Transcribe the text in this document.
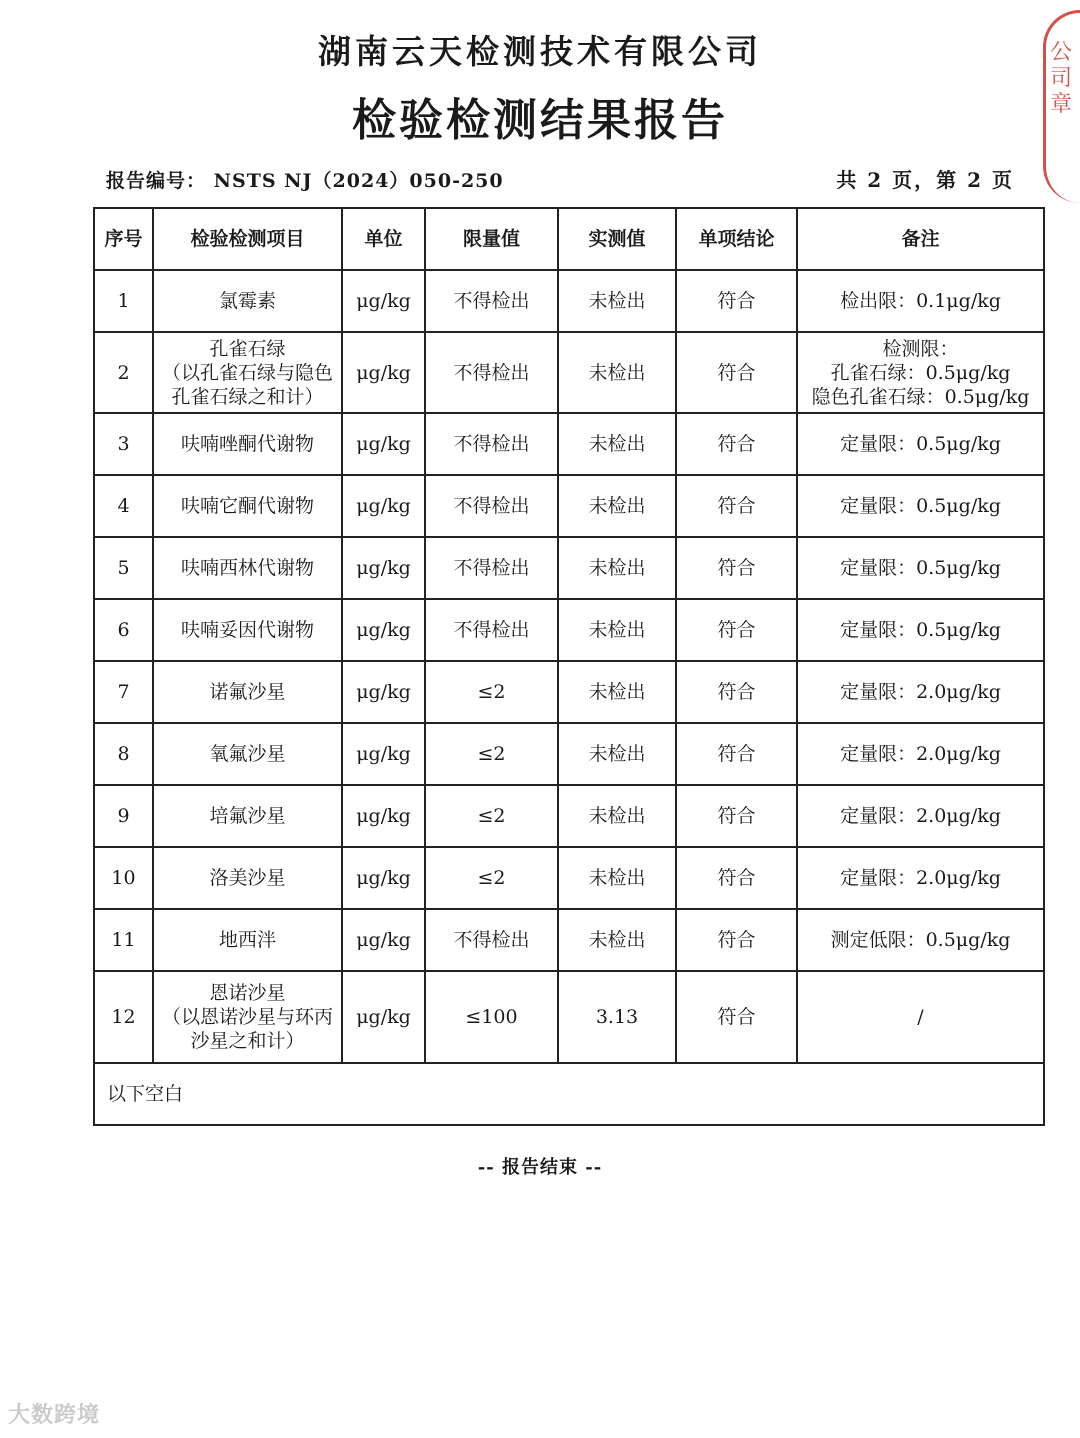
湖南云天检测技术有限公司
检验检测结果报告
报告编号： NSTS NJ（2024）050-250	共 2 页，第 2 页
公司章
序号	检验检测项目	单位	限量值	实测值	单项结论	备注

1	氯霉素	μg/kg	不得检出	未检出	符合	检出限：0.1μg/kg

2	孔雀石绿
（以孔雀石绿与隐色
孔雀石绿之和计）	μg/kg	不得检出	未检出	符合	检测限：
孔雀石绿：0.5μg/kg
隐色孔雀石绿：0.5μg/kg

3	呋喃唑酮代谢物	μg/kg	不得检出	未检出	符合	定量限：0.5μg/kg

4	呋喃它酮代谢物	μg/kg	不得检出	未检出	符合	定量限：0.5μg/kg

5	呋喃西林代谢物	μg/kg	不得检出	未检出	符合	定量限：0.5μg/kg

6	呋喃妥因代谢物	μg/kg	不得检出	未检出	符合	定量限：0.5μg/kg

7	诺氟沙星	μg/kg	≤2	未检出	符合	定量限：2.0μg/kg

8	氧氟沙星	μg/kg	≤2	未检出	符合	定量限：2.0μg/kg

9	培氟沙星	μg/kg	≤2	未检出	符合	定量限：2.0μg/kg

10	洛美沙星	μg/kg	≤2	未检出	符合	定量限：2.0μg/kg

11	地西泮	μg/kg	不得检出	未检出	符合	测定低限：0.5μg/kg

12	恩诺沙星
（以恩诺沙星与环丙
沙星之和计）	μg/kg	≤100	3.13	符合	/

以下空白						
-- 报告结束 --
大数跨境
